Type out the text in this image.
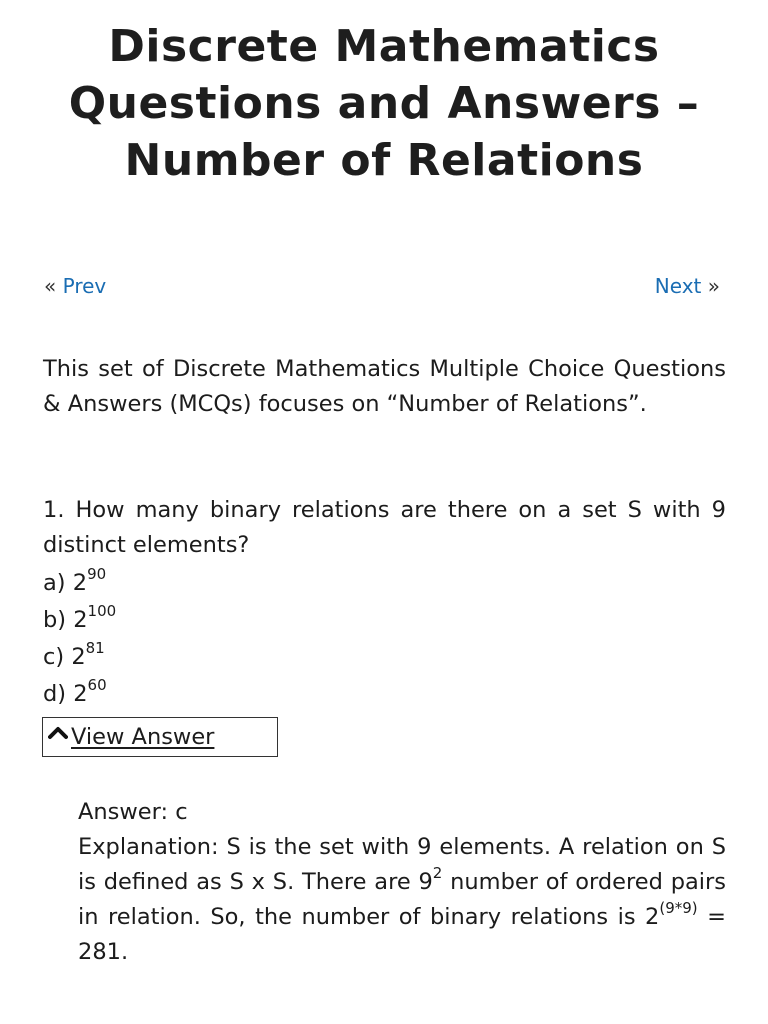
Discrete Mathematics Questions and Answers – Number of Relations
« Prev	Next »

This set of Discrete Mathematics Multiple Choice Questions & Answers (MCQs) focuses on “Number of Relations”.

1. How many binary relations are there on a set S with 9 distinct elements?

a) $2^{90}$
b) $2^{100}$
c) $2^{81}$
d) $2^{60}$
View Answer

Answer: c

Explanation: S is the set with 9 elements. A relation on S is defined as S x S. There are $9^2$ number of ordered pairs in relation. So, the number of binary relations is $2^{(9*9)} = 281$.
